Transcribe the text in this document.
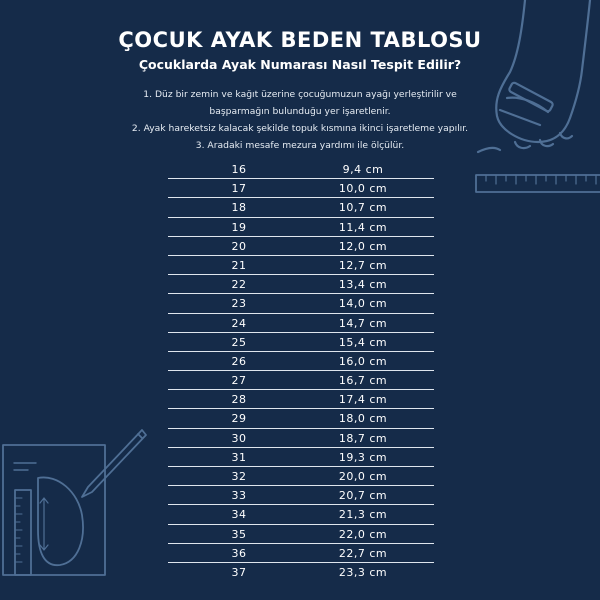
ÇOCUK AYAK BEDEN TABLOSU
Çocuklarda Ayak Numarası Nasıl Tespit Edilir?
1. Düz bir zemin ve kağıt üzerine çocuğumuzun ayağı yerleştirilir ve
başparmağın bulunduğu yer işaretlenir.
2. Ayak hareketsiz kalacak şekilde topuk kısmına ikinci işaretleme yapılır.
3. Aradaki mesafe mezura yardımı ile ölçülür.
16	9,4 cm
17	10,0 cm
18	10,7 cm
19	11,4 cm
20	12,0 cm
21	12,7 cm
22	13,4 cm
23	14,0 cm
24	14,7 cm
25	15,4 cm
26	16,0 cm
27	16,7 cm
28	17,4 cm
29	18,0 cm
30	18,7 cm
31	19,3 cm
32	20,0 cm
33	20,7 cm
34	21,3 cm
35	22,0 cm
36	22,7 cm
37	23,3 cm
